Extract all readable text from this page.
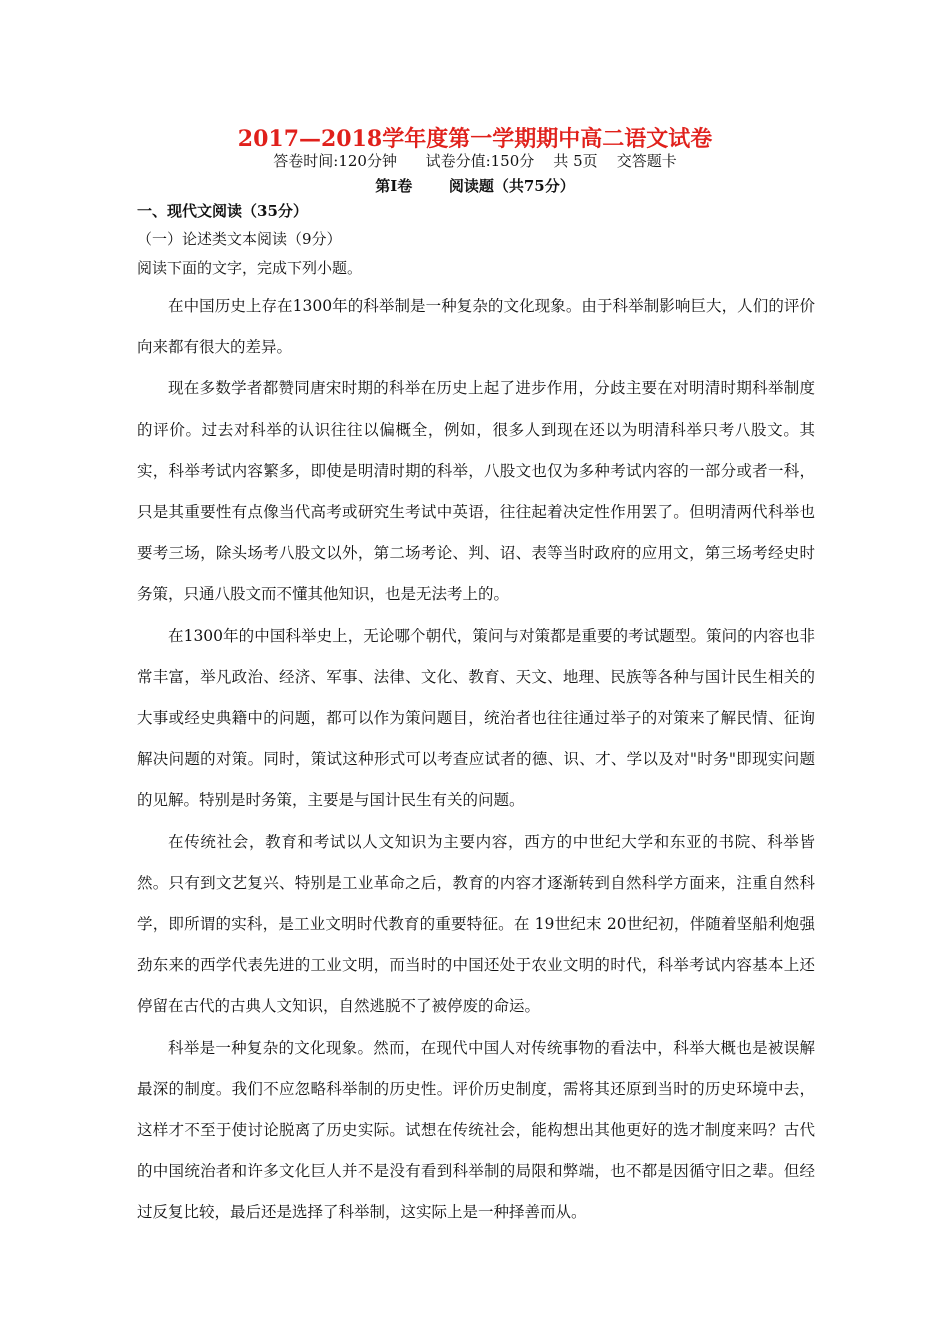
2017—2018学年度第一学期期中高二语文试卷
答卷时间:120分钟      试卷分值:150分    共 5页    交答题卡
第Ⅰ卷       阅读题（共75分）
一、现代文阅读（35分）
（一）论述类文本阅读（9分）
阅读下面的文字，完成下列小题。

在中国历史上存在1300年的科举制是一种复杂的文化现象。由于科举制影响巨大，人们的评价向来都有很大的差异。

现在多数学者都赞同唐宋时期的科举在历史上起了进步作用，分歧主要在对明清时期科举制度的评价。过去对科举的认识往往以偏概全，例如，很多人到现在还以为明清科举只考八股文。其实，科举考试内容繁多，即使是明清时期的科举，八股文也仅为多种考试内容的一部分或者一科，只是其重要性有点像当代高考或研究生考试中英语，往往起着决定性作用罢了。但明清两代科举也要考三场，除头场考八股文以外，第二场考论、判、诏、表等当时政府的应用文，第三场考经史时务策，只通八股文而不懂其他知识，也是无法考上的。

在1300年的中国科举史上，无论哪个朝代，策问与对策都是重要的考试题型。策问的内容也非常丰富，举凡政治、经济、军事、法律、文化、教育、天文、地理、民族等各种与国计民生相关的大事或经史典籍中的问题，都可以作为策问题目，统治者也往往通过举子的对策来了解民情、征询解决问题的对策。同时，策试这种形式可以考查应试者的德、识、才、学以及对"时务"即现实问题的见解。特别是时务策，主要是与国计民生有关的问题。

在传统社会，教育和考试以人文知识为主要内容，西方的中世纪大学和东亚的书院、科举皆然。只有到文艺复兴、特别是工业革命之后，教育的内容才逐渐转到自然科学方面来，注重自然科学，即所谓的实科，是工业文明时代教育的重要特征。在 19世纪末 20世纪初，伴随着坚船利炮强劲东来的西学代表先进的工业文明，而当时的中国还处于农业文明的时代，科举考试内容基本上还停留在古代的古典人文知识，自然逃脱不了被停废的命运。

科举是一种复杂的文化现象。然而，在现代中国人对传统事物的看法中，科举大概也是被误解最深的制度。我们不应忽略科举制的历史性。评价历史制度，需将其还原到当时的历史环境中去，这样才不至于使讨论脱离了历史实际。试想在传统社会，能构想出其他更好的选才制度来吗？古代的中国统治者和许多文化巨人并不是没有看到科举制的局限和弊端，也不都是因循守旧之辈。但经过反复比较，最后还是选择了科举制，这实际上是一种择善而从。
